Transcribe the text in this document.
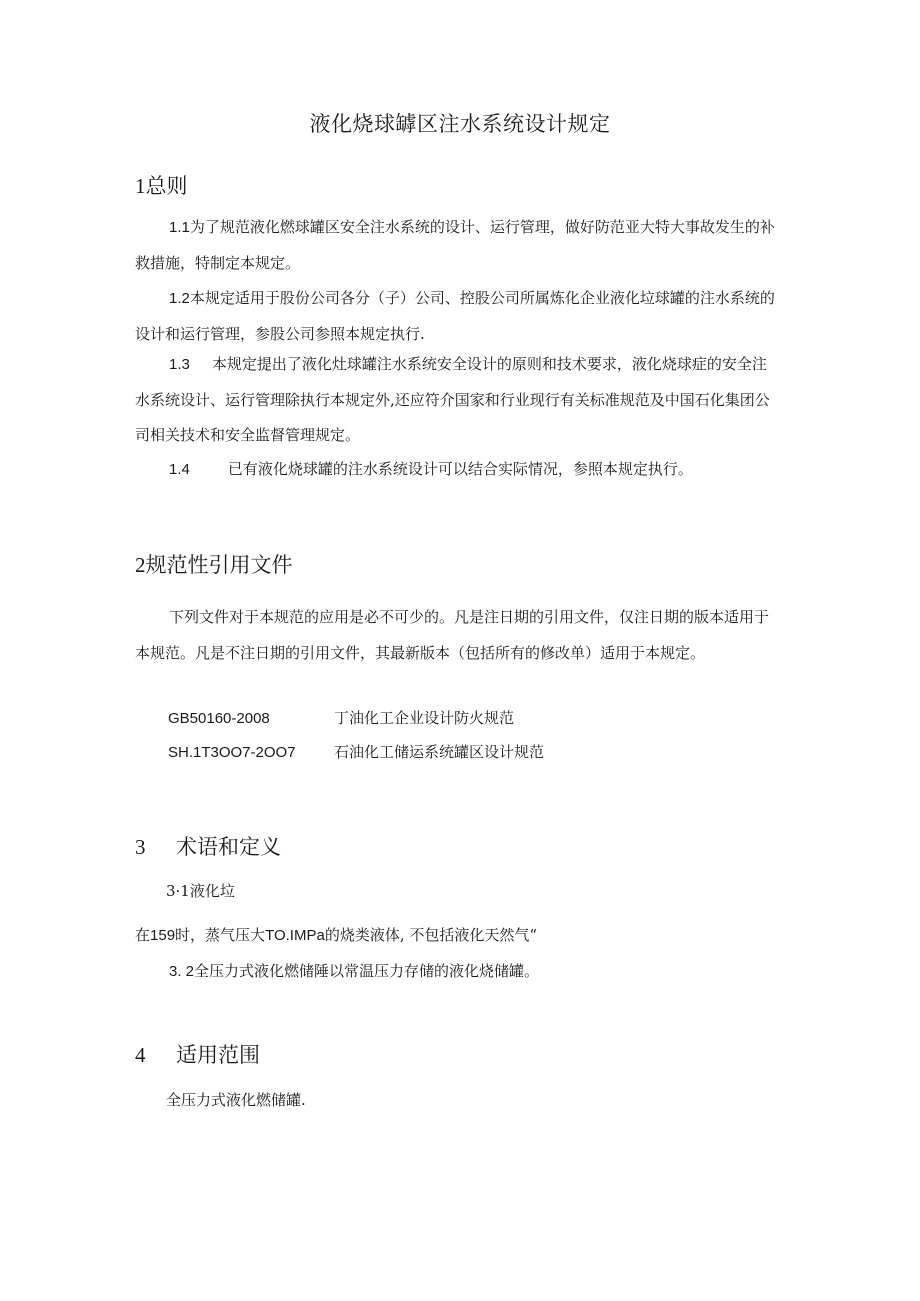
液化烧球罅区注水系统设计规定
1总则
1.1为了规范液化燃球罐区安全注水系统的设计、运行管理，做好防范亚大特大事故发生的补救措施，特制定本规定。
1.2本规定适用于股份公司各分（子）公司、控股公司所属炼化企业液化垃球罐的注水系统的设计和运行管理，参股公司参照本规定执行.
1.3 本规定提出了液化灶球罐注水系统安全设计的原则和技术要求，液化烧球症的安全注水系统设计、运行管理除执行本规定外,还应符介国家和行业现行有关标准规范及中国石化集团公司相关技术和安全监督管理规定。
1.4	已有液化烧球罐的注水系统设计可以结合实际情况，参照本规定执行。
2规范性引用文件
下列文件对于本规范的应用是必不可少的。凡是注日期的引用文件，仅注日期的版本适用于本规范。凡是不注日期的引用文件，其最新版本（包括所有的修改单）适用于本规定。
GB50160-2008	丁油化工企业设计防火规范
SH.1T3OO7-2OO7	石油化工储运系统罐区设计规范
3 术语和定义
3·1液化垃
在159时，蒸气压大TO.IMPa的烧类液体, 不包括液化天然气“
3. 2全压力式液化燃储陲以常温压力存储的液化烧储罐。
4 适用范围
全压力式液化燃储罐.
